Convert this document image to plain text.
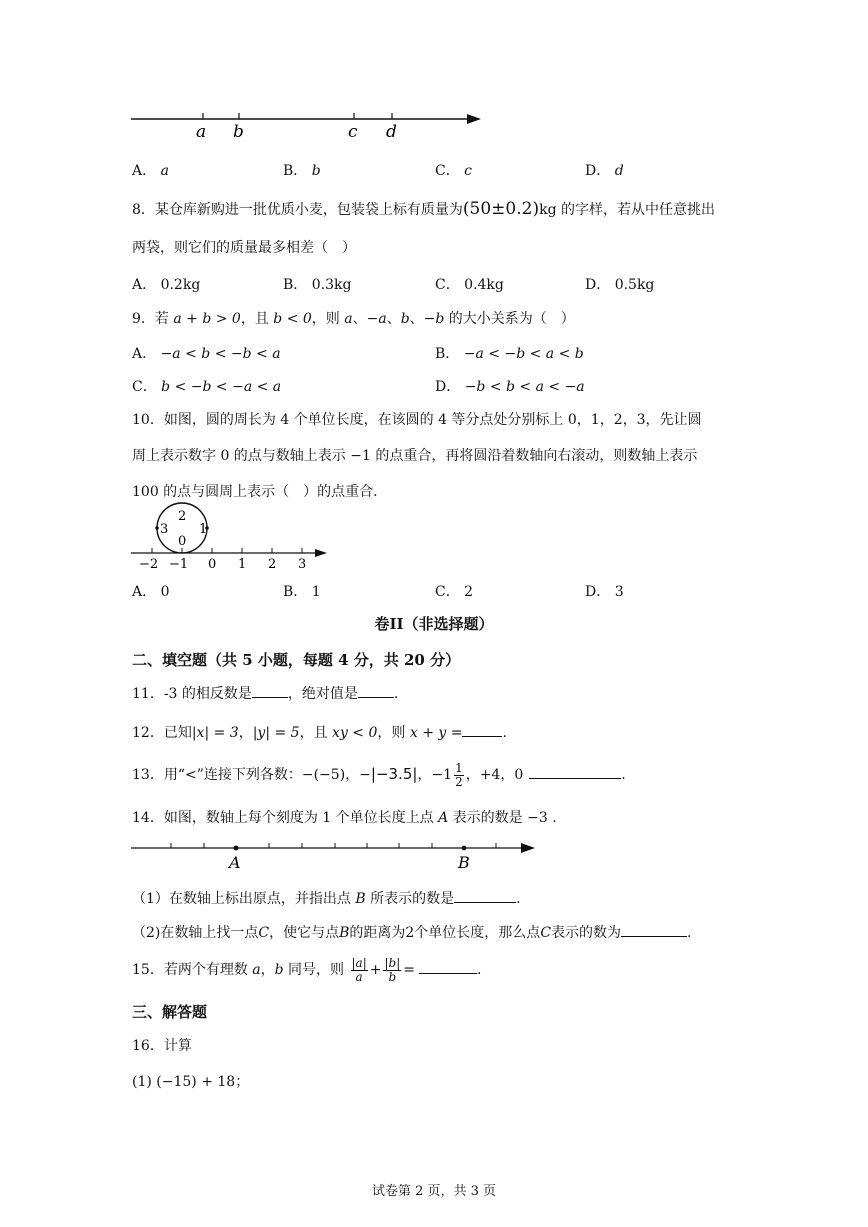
a b	c d
A． a	B． b	C． c	D． d
8．某仓库新购进一批优质小麦，包装袋上标有质量为(50±0.2)kg 的字样，若从中任意挑出
两袋，则它们的质量最多相差（　）
A． 0.2kg	B． 0.3kg	C． 0.4kg	D． 0.5kg
9．若 a + b > 0，且 b < 0，则 a、−a、b、−b 的大小关系为（　）
A． −a < b < −b < a	B． −a < −b < a < b
C． b < −b < −a < a	D． −b < b < a < −a
10．如图，圆的周长为 4 个单位长度，在该圆的 4 等分点处分别标上 0，1，2，3，先让圆
周上表示数字 0 的点与数轴上表示 −1 的点重合，再将圆沿着数轴向右滚动，则数轴上表示
100 的点与圆周上表示（　）的点重合.
2
3 1
0
−2 −1 0 1 2 3
A． 0	B． 1	C． 2	D． 3
卷II（非选择题）
二、填空题（共 5 小题，每题 4 分，共 20 分）
11．-3 的相反数是	，绝对值是	.
12．已知|x| = 3，|y| = 5，且 xy < 0，则 x + y =	.
13．用“<”连接下列各数：−(−5)，−|−3.5|，$-1 \frac{1}{2}$ ，+4，0	.
14．如图，数轴上每个刻度为 1 个单位长度上点 A 表示的数是 −3 .
A	B
（1）在数轴上标出原点，并指出点 B 所表示的数是	.
（2)在数轴上找一点C，使它与点B的距离为2个单位长度，那么点C表示的数为	.
15．若两个有理数 a，b 同号，则 $\frac{|a|}{a} + \frac{|b|}{b}$ =	.
三、解答题
16．计算
(1) (−15) + 18；
试卷第 2 页，共 3 页
